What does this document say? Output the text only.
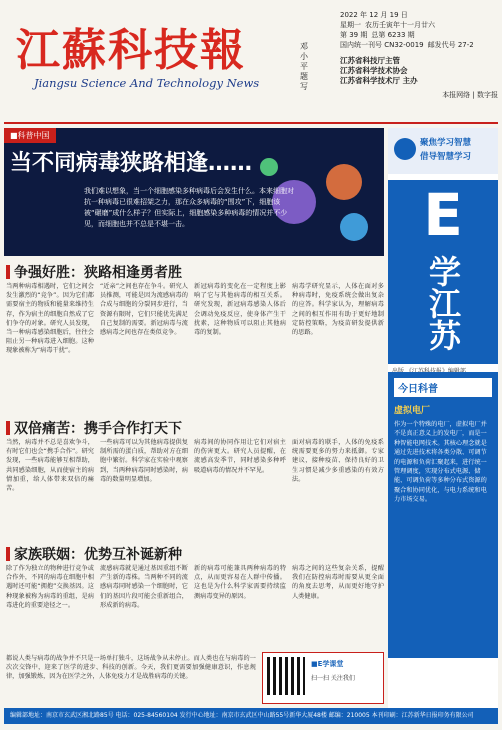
江蘇科技報
Jiangsu Science And Technology News
邓
小
平
题
写
2022 年 12 月 19 日
星期一 农历壬寅年十一月廿六
第 39 期 总第 6233 期
国内统一刊号 CN32-0019 邮发代号 27-2
江苏省科技厅主管
江苏省科学技术协会
江苏省科学技术厅 主办
本报网络 | 数字报
■科普中国
当不同病毒狭路相逢……
我们难以想象，当一个细胞感染多种病毒后会发生什么。本来细胞对抗一种病毒已很难招架之力，那在众多病毒的“围攻”下，细胞该被“碾磨”成什么样子？但实际上，细胞感染多种病毒的情况并不少见，而细胞也并不总是不堪一击。
争强好胜：狭路相逢勇者胜
当两种病毒相遇时，它们之间会发生激烈的“竞争”。因为它们都需要宿主的物质和能量来维持生存，作为宿主的细胞自然成了它们争夺的对象。研究人员发现，当一种病毒感染细胞后，往往会阻止另一种病毒进入细胞。这种现象被称为“病毒干扰”。
“近亲”之间也存在争斗。研究人员推测，可能是因为流感病毒的合成与细胞的分裂同步进行，当资源有限时，它们只能优先满足自己复制的需要。新冠病毒与流感病毒之间也存在类似竞争。
新冠病毒的变化在一定程度上影响了它与其他病毒的相互关系。研究发现，新冠病毒感染人体后会调动免疫反应，使身体产生干扰素，这种物质可以阻止其他病毒的复制。
病毒学研究显示，人体在面对多种病毒时，免疫系统会做出复杂的应答。科学家认为，理解病毒之间的相互作用有助于更好地制定防控策略，为疫苗研发提供新的思路。
双倍痛苦：携手合作打天下
当然，病毒并不总是喜欢争斗，有时它们也会“携手合作”。研究发现，一些病毒能够互相帮助，共同感染细胞，从而使宿主的病情加重，给人体带来双倍的痛苦。
一些病毒可以为其他病毒提供复制所需的蛋白质，帮助对方在细胞中繁衍。科学家在实验中观察到，当两种病毒同时感染时，病毒的数量明显增加。
病毒间的协同作用让它们对宿主的伤害更大。研究人员提醒，在流感高发季节，同时感染多种呼吸道病毒的情况并不罕见。
面对病毒的联手，人体的免疫系统需要更多的努力来抵御。专家建议，接种疫苗、保持良好的卫生习惯是减少多重感染的有效方法。
家族联姻：优势互补诞新种
除了作为独立的物种进行竞争或合作外，不同的病毒在细胞中相遇时还可能“拥抱”交换基因。这种现象被称为病毒的重组，是病毒进化的重要途径之一。
流感病毒就是通过基因重组不断产生新的毒株。当两种不同的流感病毒同时感染一个细胞时，它们的基因片段可能会重新组合，形成新的病毒。
新的病毒可能兼具两种病毒的特点，从而更容易在人群中传播。这也是为什么科学家需要持续监测病毒变异的原因。
病毒之间的这些复杂关系，提醒我们在防控病毒时需要从更全面的角度去思考，从而更好地守护人类健康。
都说人类与病毒的战争并不只是一场单打独斗，这场战争从未停止。而人类也在与病毒的一次次交锋中，迎来了医学的进步、科技的创新。今天，我们更需要加强健康意识，作息规律，加强锻炼，因为在医学之外，人体免疫力才是战胜病毒的关键。
■E学课堂
扫一扫 关注我们
聚焦学习智慧
借导智慧学习
E
学江苏
今日科普
虚拟电厂
作为一个特殊的电厂，虚拟电厂并不是真正意义上的发电厂，而是一种智能电网技术。其核心理念就是通过先进技术将各类分散、可调节的电源和负荷汇聚起来，进行统一管理调度，实现分布式电源、储能、可调负荷等多种分布式资源的聚合和协同优化，与电力系统和电力市场交易。
编辑部地址：南京市玄武区湘北路85号 电话：025-84560104 发行中心地址：南京市玄武区中山路55号新华大厦48楼 邮编：210005 本刊印刷：江苏新华日报印务有限公司
